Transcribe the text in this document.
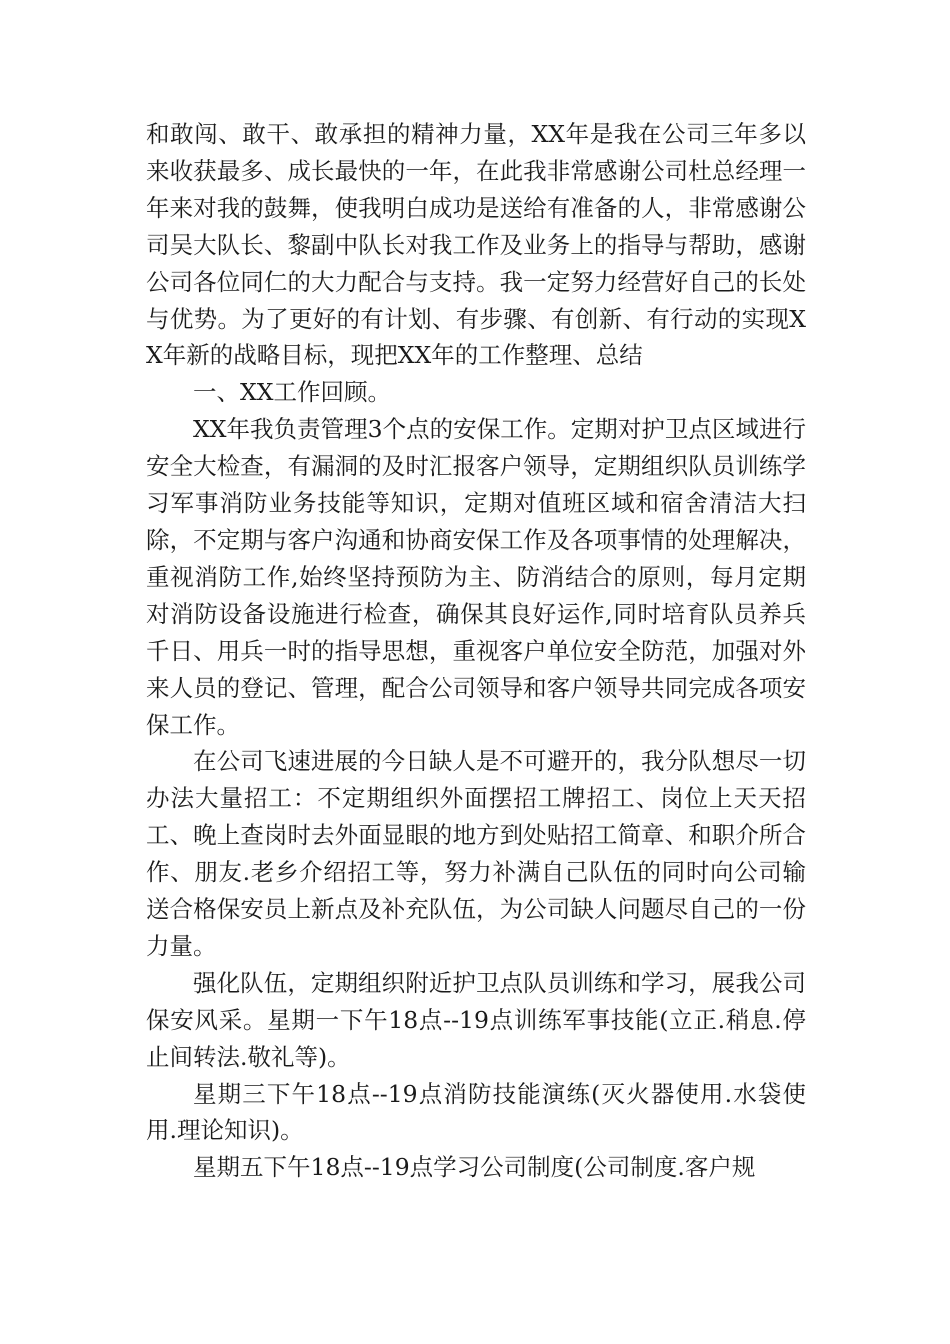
和敢闯、敢干、敢承担的精神力量，XX年是我在公司三年多以来收获最多、成长最快的一年，在此我非常感谢公司杜总经理一年来对我的鼓舞，使我明白成功是送给有准备的人，非常感谢公司吴大队长、黎副中队长对我工作及业务上的指导与帮助，感谢公司各位同仁的大力配合与支持。我一定努力经营好自己的长处与优势。为了更好的有计划、有步骤、有创新、有行动的实现XX年新的战略目标，现把XX年的工作整理、总结

一、XX工作回顾。

XX年我负责管理3个点的安保工作。定期对护卫点区域进行安全大检查，有漏洞的及时汇报客户领导，定期组织队员训练学习军事消防业务技能等知识，定期对值班区域和宿舍清洁大扫除，不定期与客户沟通和协商安保工作及各项事情的处理解决，重视消防工作,始终坚持预防为主、防消结合的原则，每月定期对消防设备设施进行检查，确保其良好运作,同时培育队员养兵千日、用兵一时的指导思想，重视客户单位安全防范，加强对外来人员的登记、管理，配合公司领导和客户领导共同完成各项安保工作。

在公司飞速进展的今日缺人是不可避开的，我分队想尽一切办法大量招工：不定期组织外面摆招工牌招工、岗位上天天招工、晚上查岗时去外面显眼的地方到处贴招工简章、和职介所合作、朋友.老乡介绍招工等，努力补满自己队伍的同时向公司输送合格保安员上新点及补充队伍，为公司缺人问题尽自己的一份力量。

强化队伍，定期组织附近护卫点队员训练和学习，展我公司保安风采。星期一下午18点--19点训练军事技能(立正.稍息.停止间转法.敬礼等)。

星期三下午18点--19点消防技能演练(灭火器使用.水袋使用.理论知识)。

星期五下午18点--19点学习公司制度(公司制度.客户规
